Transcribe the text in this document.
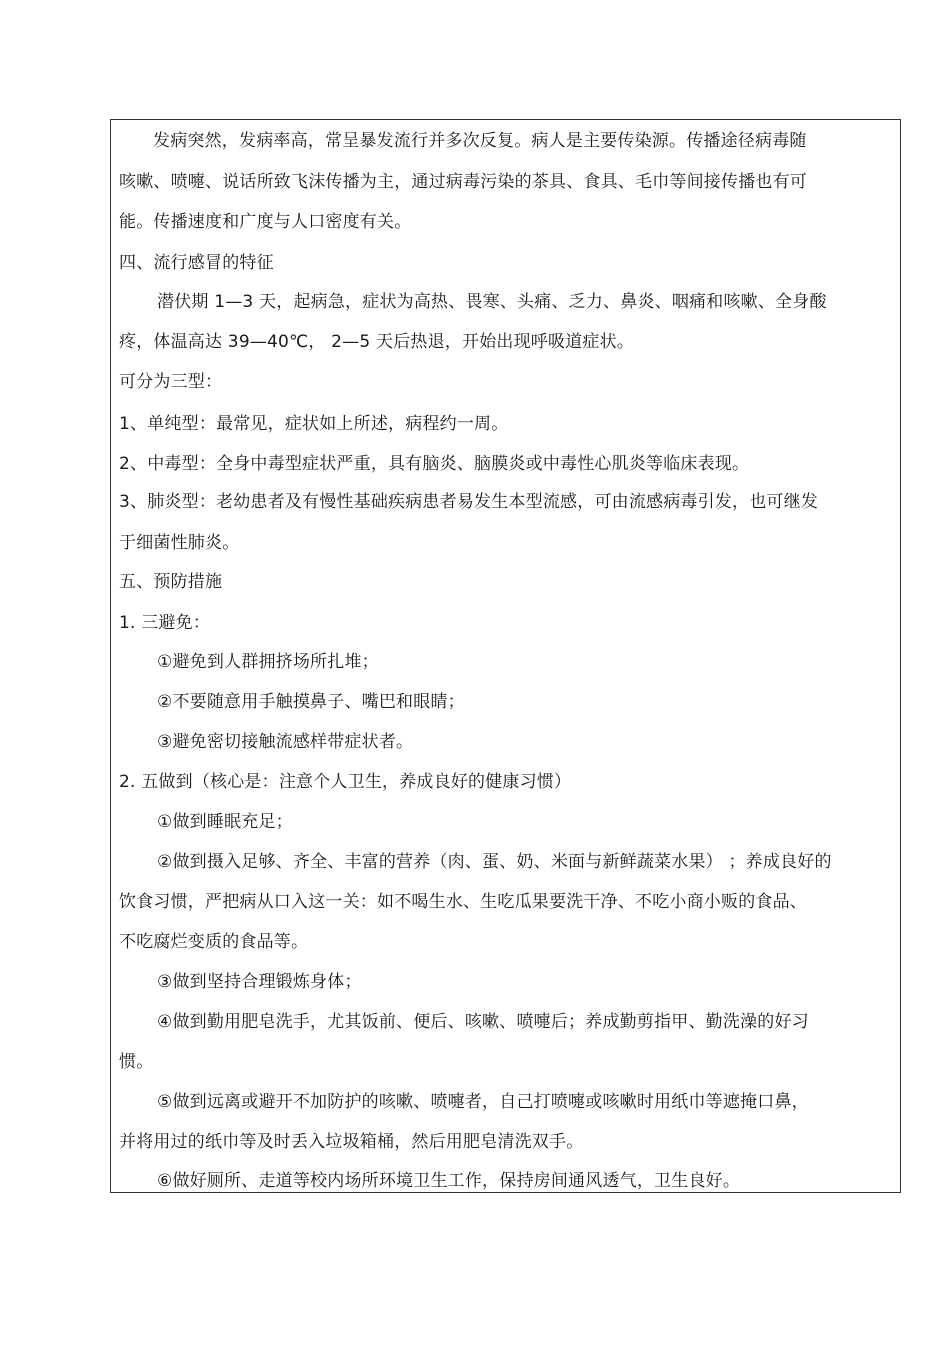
发病突然，发病率高，常呈暴发流行并多次反复。病人是主要传染源。传播途径病毒随
咳嗽、喷嚏、说话所致飞沫传播为主，通过病毒污染的茶具、食具、毛巾等间接传播也有可
能。传播速度和广度与人口密度有关。
四、流行感冒的特征
潜伏期 1—3 天，起病急，症状为高热、畏寒、头痛、乏力、鼻炎、咽痛和咳嗽、全身酸
疼，体温高达 39—40℃， 2—5 天后热退，开始出现呼吸道症状。
可分为三型：
1、单纯型：最常见，症状如上所述，病程约一周。
2、中毒型：全身中毒型症状严重，具有脑炎、脑膜炎或中毒性心肌炎等临床表现。
3、肺炎型：老幼患者及有慢性基础疾病患者易发生本型流感，可由流感病毒引发，也可继发
于细菌性肺炎。
五、预防措施
1. 三避免：
①避免到人群拥挤场所扎堆；
②不要随意用手触摸鼻子、嘴巴和眼睛；
③避免密切接触流感样带症状者。
2. 五做到（核心是：注意个人卫生，养成良好的健康习惯）
①做到睡眠充足；
②做到摄入足够、齐全、丰富的营养（肉、蛋、奶、米面与新鲜蔬菜水果） ；养成良好的
饮食习惯，严把病从口入这一关：如不喝生水、生吃瓜果要洗干净、不吃小商小贩的食品、
不吃腐烂变质的食品等。
③做到坚持合理锻炼身体；
④做到勤用肥皂洗手，尤其饭前、便后、咳嗽、喷嚏后；养成勤剪指甲、勤洗澡的好习
惯。
⑤做到远离或避开不加防护的咳嗽、喷嚏者，自己打喷嚏或咳嗽时用纸巾等遮掩口鼻，
并将用过的纸巾等及时丢入垃圾箱桶，然后用肥皂清洗双手。
⑥做好厕所、走道等校内场所环境卫生工作，保持房间通风透气，卫生良好。
